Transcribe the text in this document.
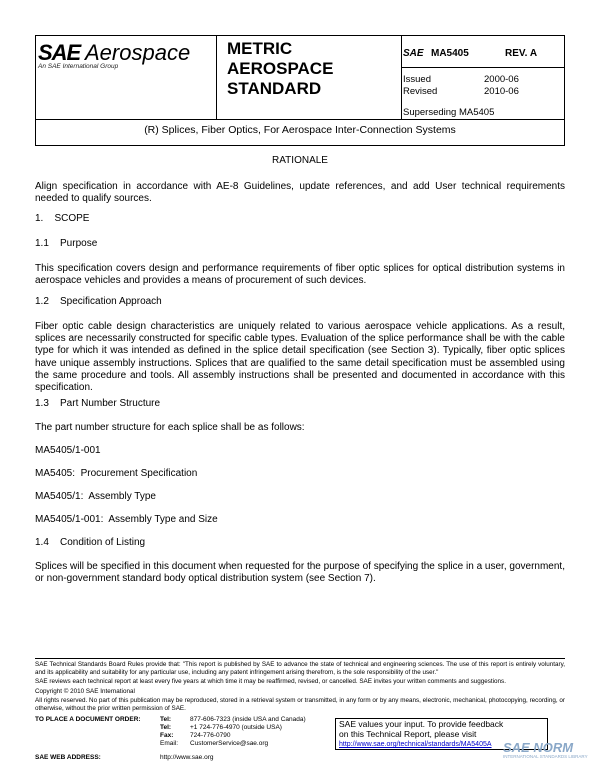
SAE Aerospace
An SAE International Group
METRIC
AEROSPACE
STANDARD
SAE MA5405	REV. A
Issued	2000-06
Revised	2010-06
Superseding MA5405
(R) Splices, Fiber Optics, For Aerospace Inter-Connection Systems
RATIONALE
Align specification in accordance with AE-8 Guidelines, update references, and add User technical requirements needed to qualify sources.
1.    SCOPE
1.1    Purpose
This specification covers design and performance requirements of fiber optic splices for optical distribution systems in aerospace vehicles and provides a means of procurement of such devices.
1.2    Specification Approach
Fiber optic cable design characteristics are uniquely related to various aerospace vehicle applications. As a result, splices are necessarily constructed for specific cable types. Evaluation of the splice performance shall be with the cable type for which it was intended as defined in the splice detail specification (see Section 3). Typically, fiber optic splices have unique assembly instructions. Splices that are qualified to the same detail specification must be assembled using the same procedure and tools. All assembly instructions shall be presented and documented in accordance with this specification.
1.3    Part Number Structure
The part number structure for each splice shall be as follows:
MA5405/1-001
MA5405:  Procurement Specification
MA5405/1:  Assembly Type
MA5405/1-001:  Assembly Type and Size
1.4    Condition of Listing
Splices will be specified in this document when requested for the purpose of specifying the splice in a user, government, or non-government standard body optical distribution system (see Section 7).
SAE Technical Standards Board Rules provide that: "This report is published by SAE to advance the state of technical and engineering sciences. The use of this report is entirely voluntary, and its applicability and suitability for any particular use, including any patent infringement arising therefrom, is the sole responsibility of the user."
SAE reviews each technical report at least every five years at which time it may be reaffirmed, revised, or cancelled. SAE invites your written comments and suggestions.
Copyright © 2010 SAE International
All rights reserved. No part of this publication may be reproduced, stored in a retrieval system or transmitted, in any form or by any means, electronic, mechanical, photocopying, recording, or otherwise, without the prior written permission of SAE.
TO PLACE A DOCUMENT ORDER:	Tel:	877-606-7323 (inside USA and Canada)
Tel:	+1 724-776-4970 (outside USA)
Fax:	724-776-0790
Email: CustomerService@sae.org
SAE WEB ADDRESS:	http://www.sae.org
SAE values your input. To provide feedback
on this Technical Report, please visit
http://www.sae.org/technical/standards/MA5405A SAE NORM
INTERNATIONAL STANDARDS LIBRARY
